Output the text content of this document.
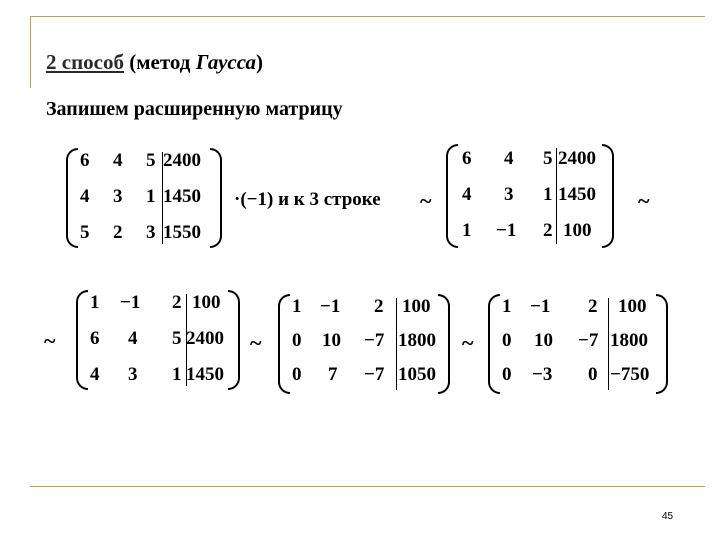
2 способ (метод Гаусса)
Запишем расширенную матрицу
6 4 5 2400
4 3 1 1450
5 2 3 1550
·(−1) и к 3 строке ~
6 4 5 2400
4 3 1 1450
1 −1 2 100
~
~
1 −1 2 100
6 4 5 2400
4 3 1 1450
~
1 −1 2 100
0 10 −7 1800
0 7 −7 1050
~
1 −1 2 100
0 10 −7 1800
0 −3 0 −750
45
